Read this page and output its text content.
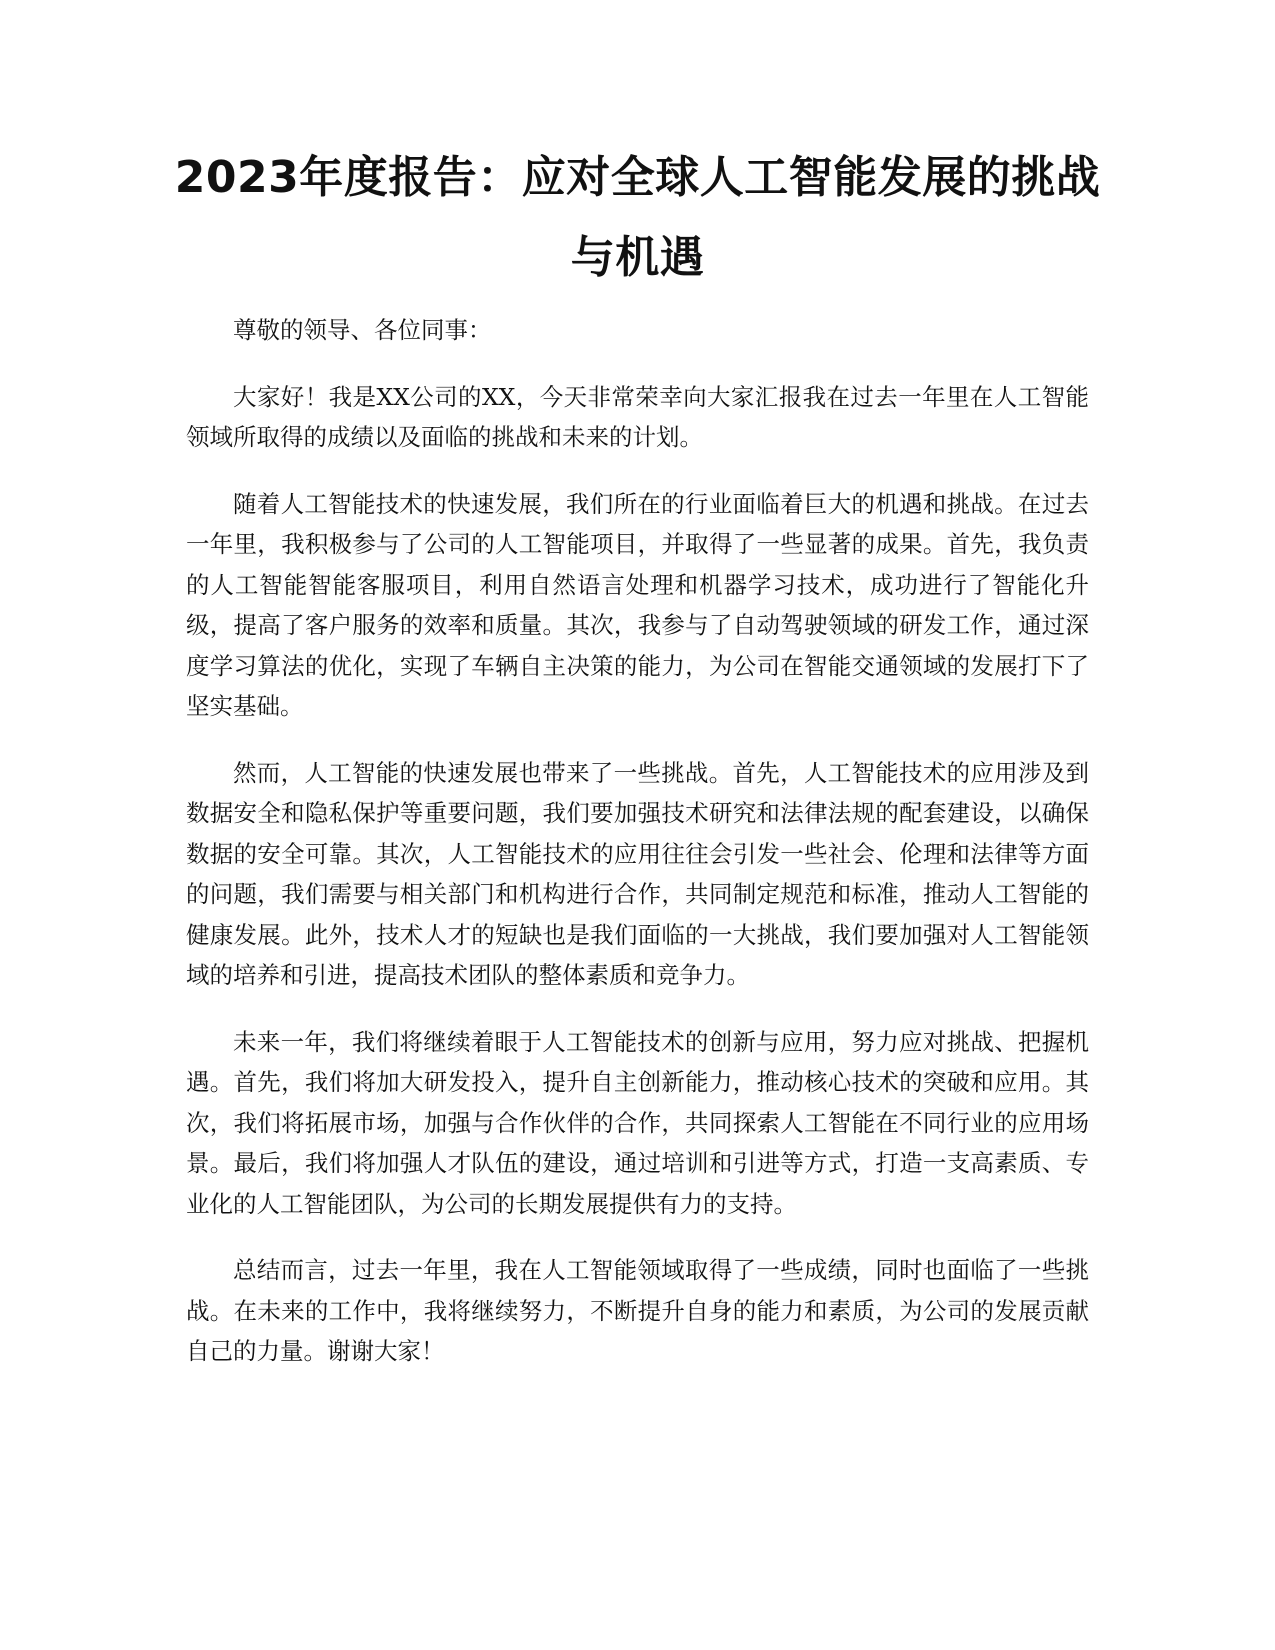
2023年度报告：应对全球人工智能发展的挑战与机遇

尊敬的领导、各位同事：

大家好！我是XX公司的XX，今天非常荣幸向大家汇报我在过去一年里在人工智能领域所取得的成绩以及面临的挑战和未来的计划。

随着人工智能技术的快速发展，我们所在的行业面临着巨大的机遇和挑战。在过去一年里，我积极参与了公司的人工智能项目，并取得了一些显著的成果。首先，我负责的人工智能智能客服项目，利用自然语言处理和机器学习技术，成功进行了智能化升级，提高了客户服务的效率和质量。其次，我参与了自动驾驶领域的研发工作，通过深度学习算法的优化，实现了车辆自主决策的能力，为公司在智能交通领域的发展打下了坚实基础。

然而，人工智能的快速发展也带来了一些挑战。首先，人工智能技术的应用涉及到数据安全和隐私保护等重要问题，我们要加强技术研究和法律法规的配套建设，以确保数据的安全可靠。其次，人工智能技术的应用往往会引发一些社会、伦理和法律等方面的问题，我们需要与相关部门和机构进行合作，共同制定规范和标准，推动人工智能的健康发展。此外，技术人才的短缺也是我们面临的一大挑战，我们要加强对人工智能领域的培养和引进，提高技术团队的整体素质和竞争力。

未来一年，我们将继续着眼于人工智能技术的创新与应用，努力应对挑战、把握机遇。首先，我们将加大研发投入，提升自主创新能力，推动核心技术的突破和应用。其次，我们将拓展市场，加强与合作伙伴的合作，共同探索人工智能在不同行业的应用场景。最后，我们将加强人才队伍的建设，通过培训和引进等方式，打造一支高素质、专业化的人工智能团队，为公司的长期发展提供有力的支持。

总结而言，过去一年里，我在人工智能领域取得了一些成绩，同时也面临了一些挑战。在未来的工作中，我将继续努力，不断提升自身的能力和素质，为公司的发展贡献自己的力量。谢谢大家！
